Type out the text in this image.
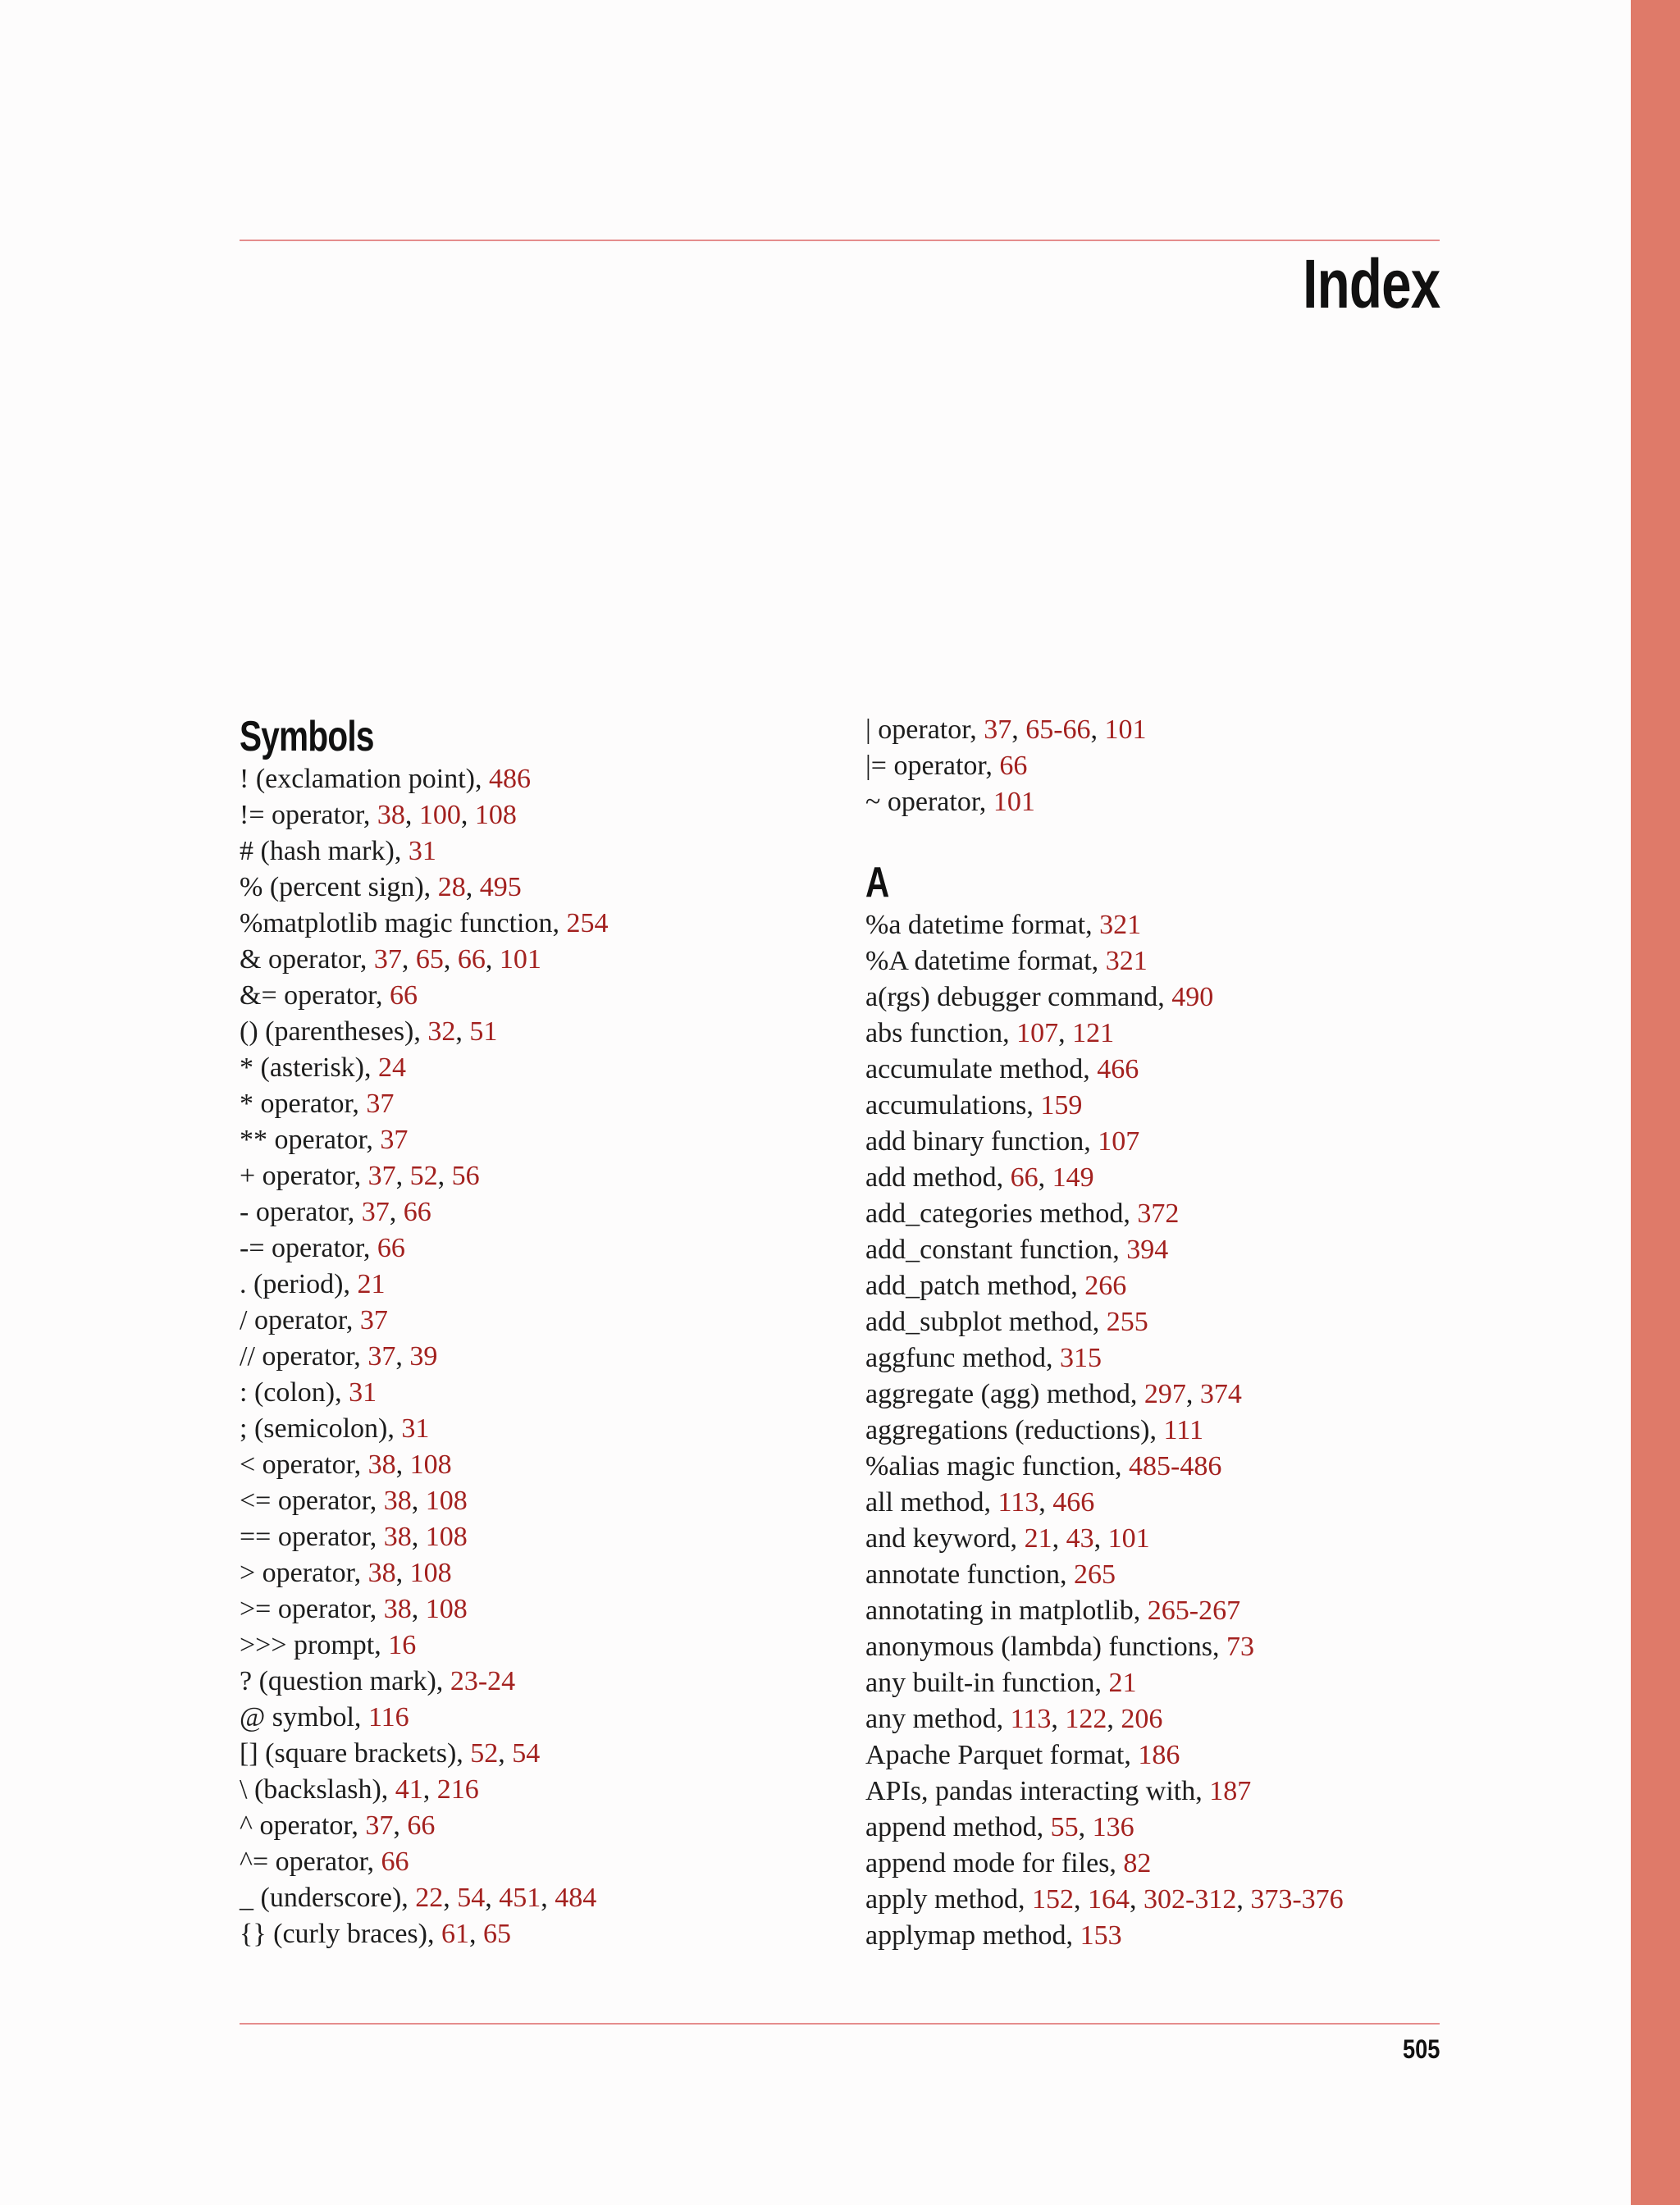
Index
Symbols
! (exclamation point), 486
!= operator, 38, 100, 108
# (hash mark), 31
% (percent sign), 28, 495
%matplotlib magic function, 254
& operator, 37, 65, 66, 101
&= operator, 66
() (parentheses), 32, 51
* (asterisk), 24
* operator, 37
** operator, 37
+ operator, 37, 52, 56
- operator, 37, 66
-= operator, 66
. (period), 21
/ operator, 37
// operator, 37, 39
: (colon), 31
; (semicolon), 31
< operator, 38, 108
<= operator, 38, 108
== operator, 38, 108
> operator, 38, 108
>= operator, 38, 108
>>> prompt, 16
? (question mark), 23-24
@ symbol, 116
[] (square brackets), 52, 54
\ (backslash), 41, 216
^ operator, 37, 66
^= operator, 66
_ (underscore), 22, 54, 451, 484
{} (curly braces), 61, 65
| operator, 37, 65-66, 101
|= operator, 66
~ operator, 101
A
%a datetime format, 321
%A datetime format, 321
a(rgs) debugger command, 490
abs function, 107, 121
accumulate method, 466
accumulations, 159
add binary function, 107
add method, 66, 149
add_categories method, 372
add_constant function, 394
add_patch method, 266
add_subplot method, 255
aggfunc method, 315
aggregate (agg) method, 297, 374
aggregations (reductions), 111
%alias magic function, 485-486
all method, 113, 466
and keyword, 21, 43, 101
annotate function, 265
annotating in matplotlib, 265-267
anonymous (lambda) functions, 73
any built-in function, 21
any method, 113, 122, 206
Apache Parquet format, 186
APIs, pandas interacting with, 187
append method, 55, 136
append mode for files, 82
apply method, 152, 164, 302-312, 373-376
applymap method, 153
505
